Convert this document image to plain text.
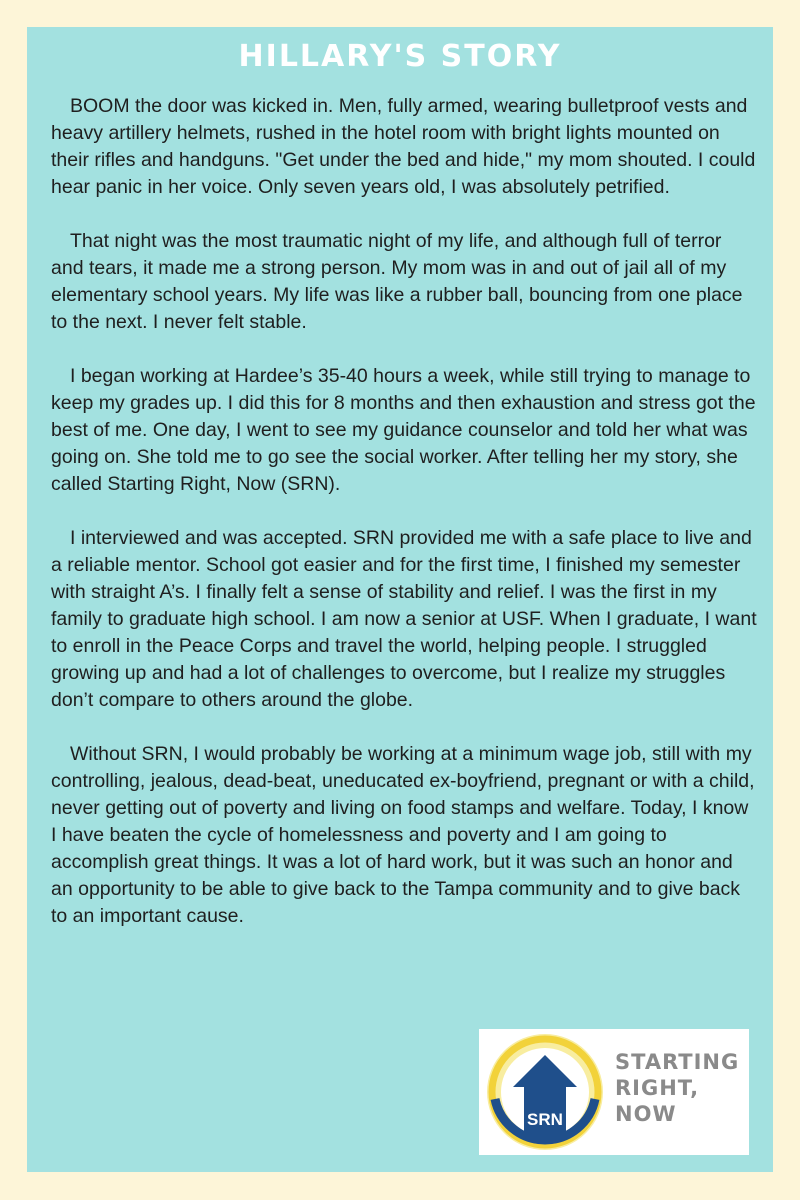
HILLARY'S STORY

BOOM the door was kicked in. Men, fully armed, wearing bulletproof vests and heavy artillery helmets, rushed in the hotel room with bright lights mounted on their rifles and handguns. "Get under the bed and hide," my mom shouted. I could hear panic in her voice. Only seven years old, I was absolutely petrified.

That night was the most traumatic night of my life, and although full of terror and tears, it made me a strong person. My mom was in and out of jail all of my elementary school years. My life was like a rubber ball, bouncing from one place to the next. I never felt stable.

I began working at Hardee’s 35-40 hours a week, while still trying to manage to keep my grades up. I did this for 8 months and then exhaustion and stress got the best of me. One day, I went to see my guidance counselor and told her what was going on. She told me to go see the social worker. After telling her my story, she called Starting Right, Now (SRN).

I interviewed and was accepted. SRN provided me with a safe place to live and a reliable mentor. School got easier and for the first time, I finished my semester with straight A’s. I finally felt a sense of stability and relief. I was the first in my family to graduate high school. I am now a senior at USF. When I graduate, I want to enroll in the Peace Corps and travel the world, helping people. I struggled growing up and had a lot of challenges to overcome, but I realize my struggles don’t compare to others around the globe.

Without SRN, I would probably be working at a minimum wage job, still with my controlling, jealous, dead-beat, uneducated ex-boyfriend, pregnant or with a child, never getting out of poverty and living on food stamps and welfare. Today, I know I have beaten the cycle of homelessness and poverty and I am going to accomplish great things. It was a lot of hard work, but it was such an honor and an opportunity to be able to give back to the Tampa community and to give back to an important cause.

SRN
STARTING
RIGHT,
NOW
